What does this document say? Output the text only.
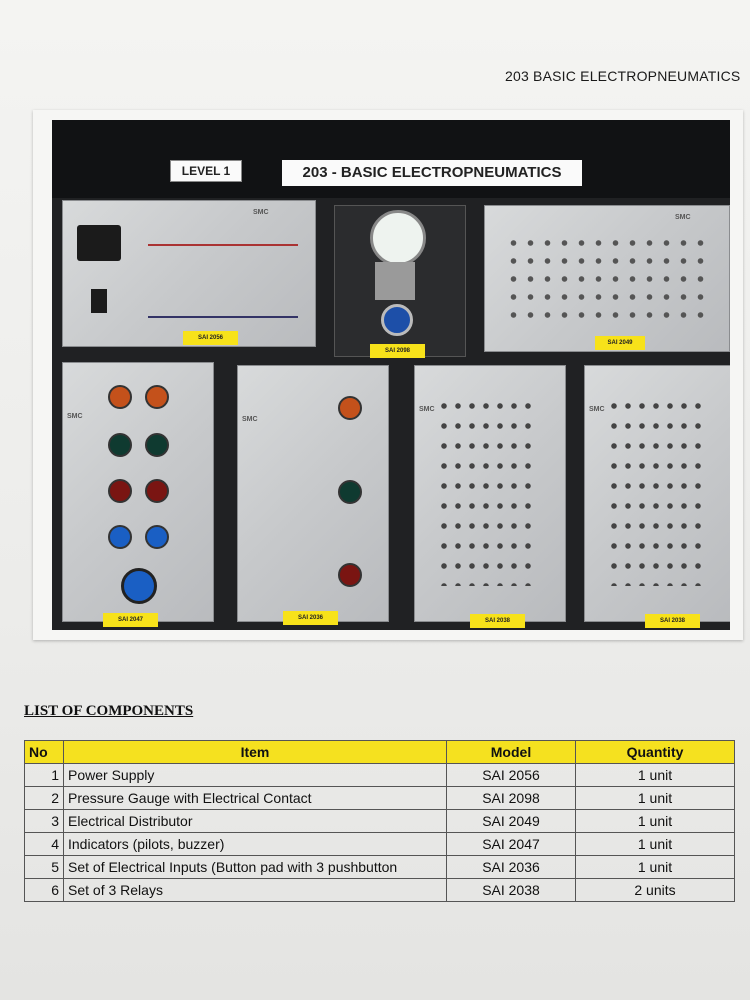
203 BASIC ELECTROPNEUMATICS
LEVEL 1	203 - BASIC ELECTROPNEUMATICS
SMC
SAI 2056
SAI 2098
SMC
SAI 2049
SMC
SAI 2047
SMC
SAI 2036
SMC
SAI 2038
SMC
SAI 2038
LIST OF COMPONENTS
No	Item	Model	Quantity
1	Power Supply	SAI 2056	1 unit
2	Pressure Gauge with Electrical Contact	SAI 2098	1 unit
3	Electrical Distributor	SAI 2049	1 unit
4	Indicators (pilots, buzzer)	SAI 2047	1 unit
5	Set of Electrical Inputs (Button pad with 3 pushbutton	SAI 2036	1 unit
6	Set of 3 Relays	SAI 2038	2 units
